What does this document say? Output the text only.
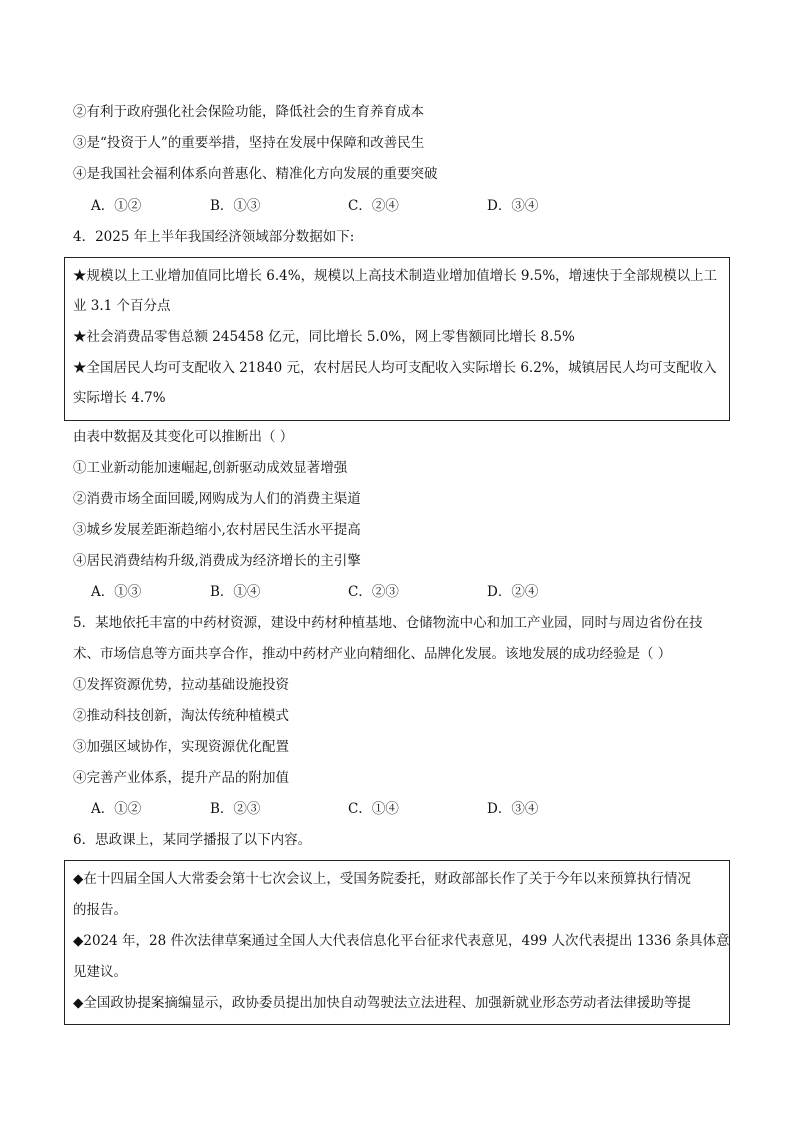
②有利于政府强化社会保险功能，降低社会的生育养育成本
③是“投资于人”的重要举措，坚持在发展中保障和改善民生
④是我国社会福利体系向普惠化、精准化方向发展的重要突破
A．①②	B．①③	C．②④	D．③④
4．2025 年上半年我国经济领域部分数据如下:
★规模以上工业增加值同比增长 6.4%，规模以上高技术制造业增加值增长 9.5%，增速快于全部规模以上工
业 3.1 个百分点
★社会消费品零售总额 245458 亿元，同比增长 5.0%，网上零售额同比增长 8.5%
★全国居民人均可支配收入 21840 元，农村居民人均可支配收入实际增长 6.2%，城镇居民人均可支配收入
实际增长 4.7%
由表中数据及其变化可以推断出（ ）
①工业新动能加速崛起,创新驱动成效显著增强
②消费市场全面回暖,网购成为人们的消费主渠道
③城乡发展差距渐趋缩小,农村居民生活水平提高
④居民消费结构升级,消费成为经济增长的主引擎
A．①③	B．①④	C．②③	D．②④
5．某地依托丰富的中药材资源，建设中药材种植基地、仓储物流中心和加工产业园，同时与周边省份在技
术、市场信息等方面共享合作，推动中药材产业向精细化、品牌化发展。该地发展的成功经验是（ ）
①发挥资源优势，拉动基础设施投资
②推动科技创新，淘汰传统种植模式
③加强区域协作，实现资源优化配置
④完善产业体系，提升产品的附加值
A．①②	B．②③	C．①④	D．③④
6．思政课上，某同学播报了以下内容。
◆在十四届全国人大常委会第十七次会议上，受国务院委托，财政部部长作了关于今年以来预算执行情况
的报告。
◆2024 年，28 件次法律草案通过全国人大代表信息化平台征求代表意见，499 人次代表提出 1336 条具体意
见建议。
◆全国政协提案摘编显示，政协委员提出加快自动驾驶法立法进程、加强新就业形态劳动者法律援助等提
